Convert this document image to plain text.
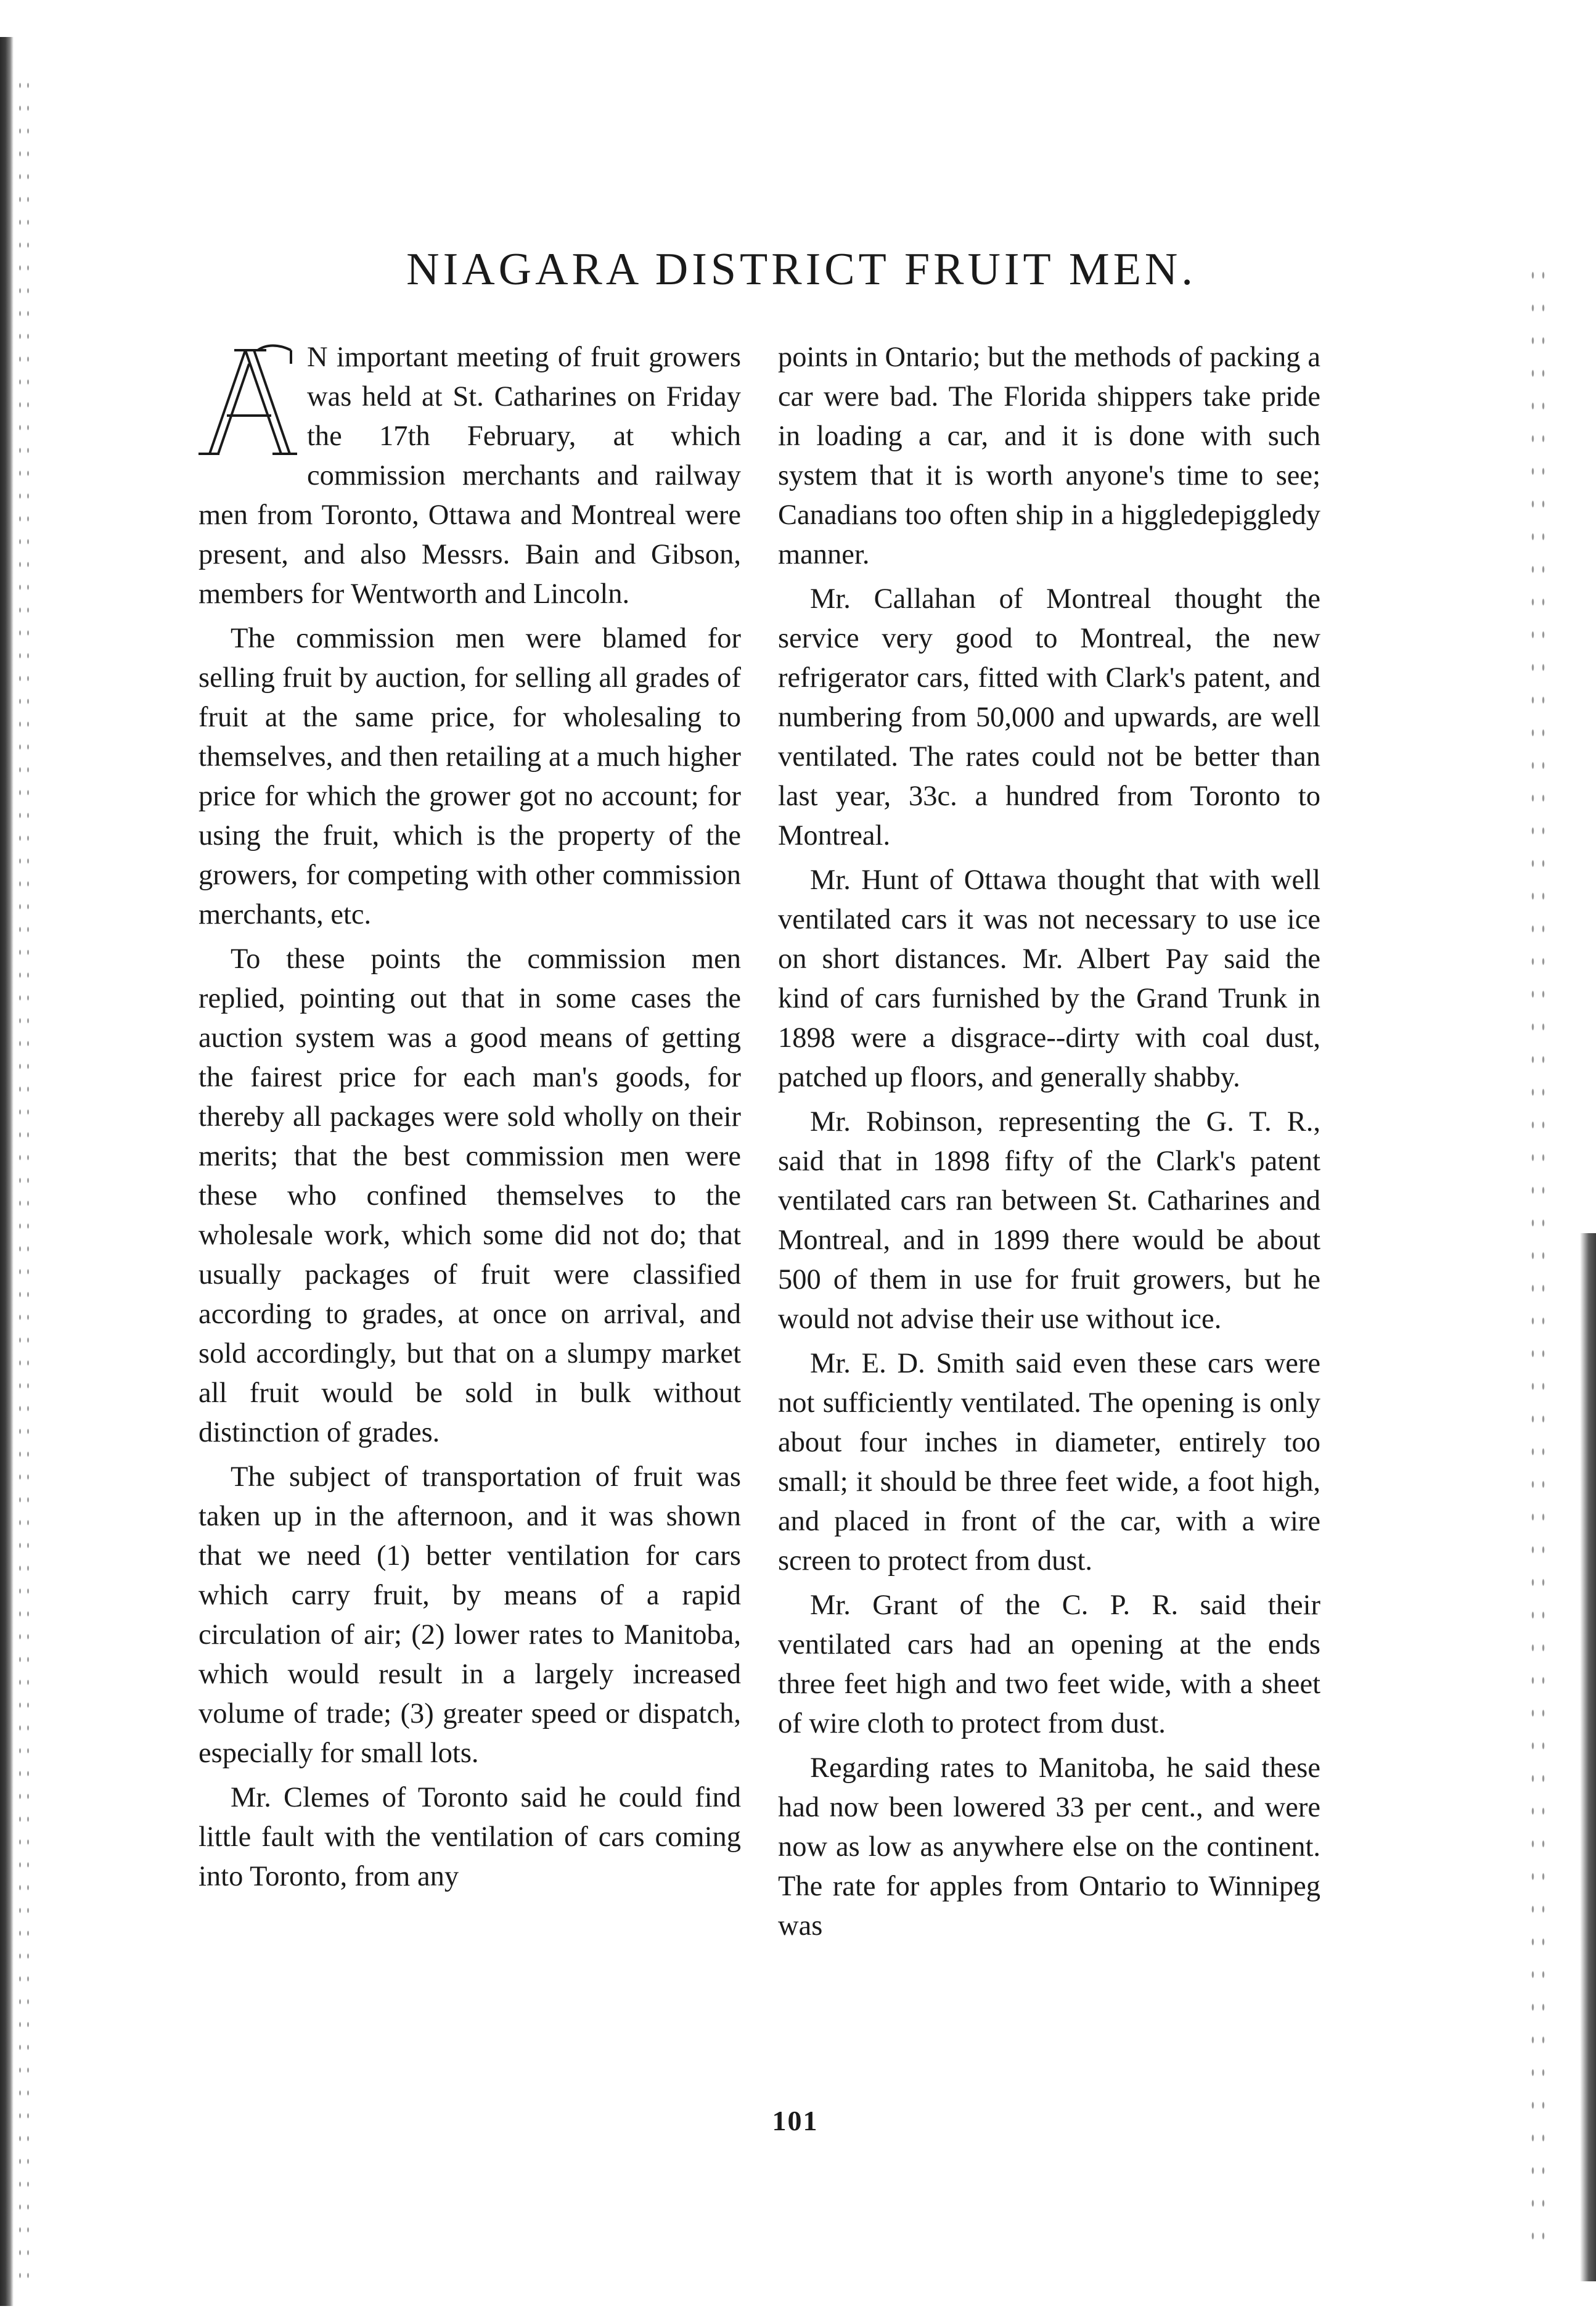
NIAGARA DISTRICT FRUIT MEN.

N important meeting of fruit growers was held at St. Catharines on Friday the 17th February, at which commission merchants and railway men from Toronto, Ottawa and Montreal were present, and also Messrs. Bain and Gibson, members for Wentworth and Lincoln.

The commission men were blamed for selling fruit by auction, for selling all grades of fruit at the same price, for wholesaling to themselves, and then retailing at a much higher price for which the grower got no account; for using the fruit, which is the property of the growers, for competing with other commission merchants, etc.

To these points the commission men replied, pointing out that in some cases the auction system was a good means of getting the fairest price for each man's goods, for thereby all packages were sold wholly on their merits; that the best commission men were these who confined themselves to the wholesale work, which some did not do; that usually packages of fruit were classified according to grades, at once on arrival, and sold accordingly, but that on a slumpy market all fruit would be sold in bulk without distinction of grades.

The subject of transportation of fruit was taken up in the afternoon, and it was shown that we need (1) better ventilation for cars which carry fruit, by means of a rapid circulation of air; (2) lower rates to Manitoba, which would result in a largely increased volume of trade; (3) greater speed or dispatch, especially for small lots.

Mr. Clemes of Toronto said he could find little fault with the ventilation of cars coming into Toronto, from any

points in Ontario; but the methods of packing a car were bad. The Florida shippers take pride in loading a car, and it is done with such system that it is worth anyone's time to see; Canadians too often ship in a higgledepiggledy manner.

Mr. Callahan of Montreal thought the service very good to Montreal, the new refrigerator cars, fitted with Clark's patent, and numbering from 50,000 and upwards, are well ventilated. The rates could not be better than last year, 33c. a hundred from Toronto to Montreal.

Mr. Hunt of Ottawa thought that with well ventilated cars it was not necessary to use ice on short distances. Mr. Albert Pay said the kind of cars furnished by the Grand Trunk in 1898 were a disgrace--dirty with coal dust, patched up floors, and generally shabby.

Mr. Robinson, representing the G. T. R., said that in 1898 fifty of the Clark's patent ventilated cars ran between St. Catharines and Montreal, and in 1899 there would be about 500 of them in use for fruit growers, but he would not advise their use without ice.

Mr. E. D. Smith said even these cars were not sufficiently ventilated. The opening is only about four inches in diameter, entirely too small; it should be three feet wide, a foot high, and placed in front of the car, with a wire screen to protect from dust.

Mr. Grant of the C. P. R. said their ventilated cars had an opening at the ends three feet high and two feet wide, with a sheet of wire cloth to protect from dust.

Regarding rates to Manitoba, he said these had now been lowered 33 per cent., and were now as low as anywhere else on the continent. The rate for apples from Ontario to Winnipeg was

101
